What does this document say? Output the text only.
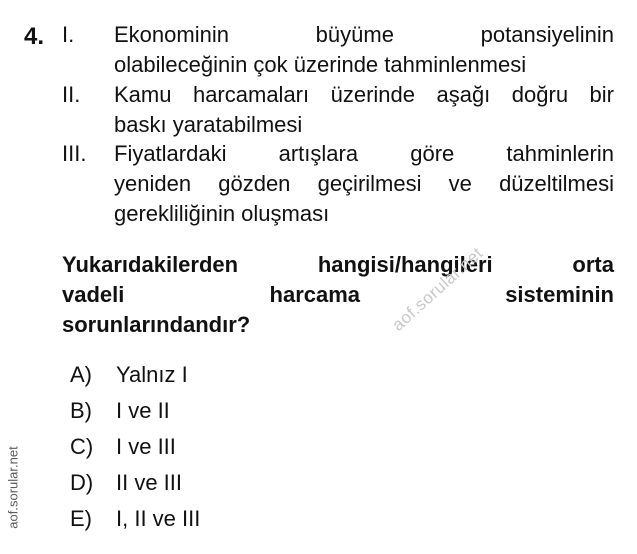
4. I.	Ekonominin büyüme potansiyelinin
olabileceğinin çok üzerinde tahminlenmesi
II.	Kamu harcamaları üzerinde aşağı doğru bir
baskı yaratabilmesi
III.	Fiyatlardaki artışlara göre tahminlerin
yeniden gözden geçirilmesi ve düzeltilmesi
gerekliliğinin oluşması
Yukarıdakilerden hangisi/hangileri orta
vadeli harcama sisteminin
sorunlarındandır?
A)	Yalnız I
B)	I ve II
C)	I ve III
D)	II ve III
E)	I, II ve III
aof.sorular.net
aof.sorular.net
